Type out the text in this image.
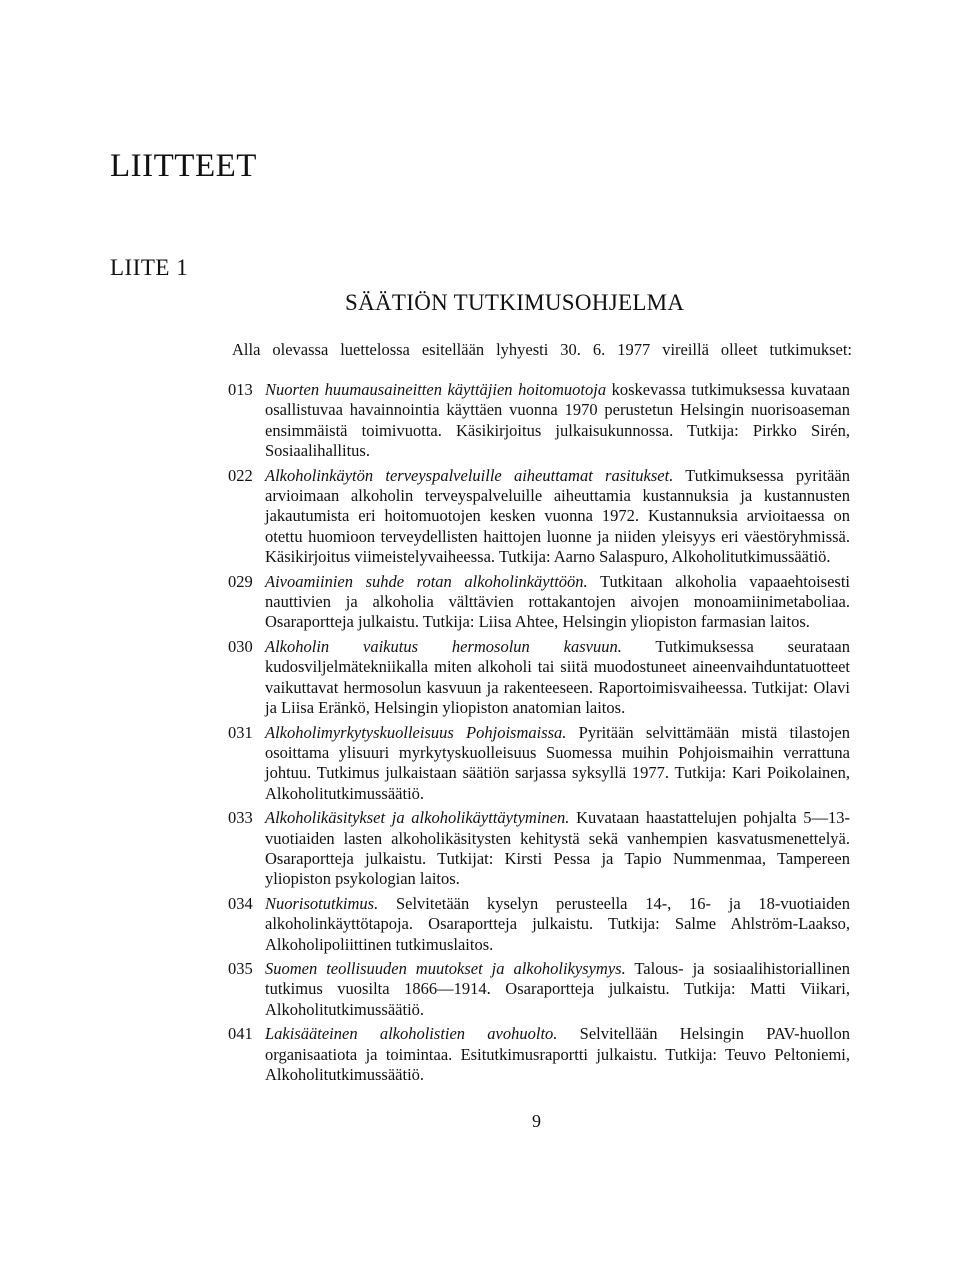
LIITTEET
LIITE 1
SÄÄTIÖN TUTKIMUSOHJELMA
Alla olevassa luettelossa esitellään lyhyesti 30. 6. 1977 vireillä olleet tutkimukset:
013 Nuorten huumausaineitten käyttäjien hoitomuotoja koskevassa tutkimuksessa kuvataan osallistuvaa havainnointia käyttäen vuonna 1970 perustetun Helsingin nuorisoaseman ensimmäistä toimivuotta. Käsikirjoitus julkaisukunnossa. Tutkija: Pirkko Sirén, Sosiaalihallitus.
022 Alkoholinkäytön terveyspalveluille aiheuttamat rasitukset. Tutkimuksessa pyritään arvioimaan alkoholin terveyspalveluille aiheuttamia kustannuksia ja kustannusten jakautumista eri hoitomuotojen kesken vuonna 1972. Kustannuksia arvioitaessa on otettu huomioon terveydellisten haittojen luonne ja niiden yleisyys eri väestöryhmissä. Käsikirjoitus viimeistelyvaiheessa. Tutkija: Aarno Salaspuro, Alkoholitutkimussäätiö.
029 Aivoamiinien suhde rotan alkoholinkäyttöön. Tutkitaan alkoholia vapaaehtoisesti nauttivien ja alkoholia välttävien rottakantojen aivojen monoamiinimetaboliaa. Osaraportteja julkaistu. Tutkija: Liisa Ahtee, Helsingin yliopiston farmasian laitos.
030 Alkoholin vaikutus hermosolun kasvuun. Tutkimuksessa seurataan kudosviljelmätekniikalla miten alkoholi tai siitä muodostuneet aineenvaihduntatuotteet vaikuttavat hermosolun kasvuun ja rakenteeseen. Raportoimisvaiheessa. Tutkijat: Olavi ja Liisa Eränkö, Helsingin yliopiston anatomian laitos.
031 Alkoholimyrkytyskuolleisuus Pohjoismaissa. Pyritään selvittämään mistä tilastojen osoittama ylisuuri myrkytyskuolleisuus Suomessa muihin Pohjoismaihin verrattuna johtuu. Tutkimus julkaistaan säätiön sarjassa syksyllä 1977. Tutkija: Kari Poikolainen, Alkoholitutkimussäätiö.
033 Alkoholikäsitykset ja alkoholikäyttäytyminen. Kuvataan haastattelujen pohjalta 5—13-vuotiaiden lasten alkoholikäsitysten kehitystä sekä vanhempien kasvatusmenettelyä. Osaraportteja julkaistu. Tutkijat: Kirsti Pessa ja Tapio Nummenmaa, Tampereen yliopiston psykologian laitos.
034 Nuorisotutkimus. Selvitetään kyselyn perusteella 14-, 16- ja 18-vuotiaiden alkoholinkäyttötapoja. Osaraportteja julkaistu. Tutkija: Salme Ahlström-Laakso, Alkoholipoliittinen tutkimuslaitos.
035 Suomen teollisuuden muutokset ja alkoholikysymys. Talous- ja sosiaalihistoriallinen tutkimus vuosilta 1866—1914. Osaraportteja julkaistu. Tutkija: Matti Viikari, Alkoholitutkimussäätiö.
041 Lakisääteinen alkoholistien avohuolto. Selvitellään Helsingin PAV-huollon organisaatiota ja toimintaa. Esitutkimusraportti julkaistu. Tutkija: Teuvo Peltoniemi, Alkoholitutkimussäätiö.
9
